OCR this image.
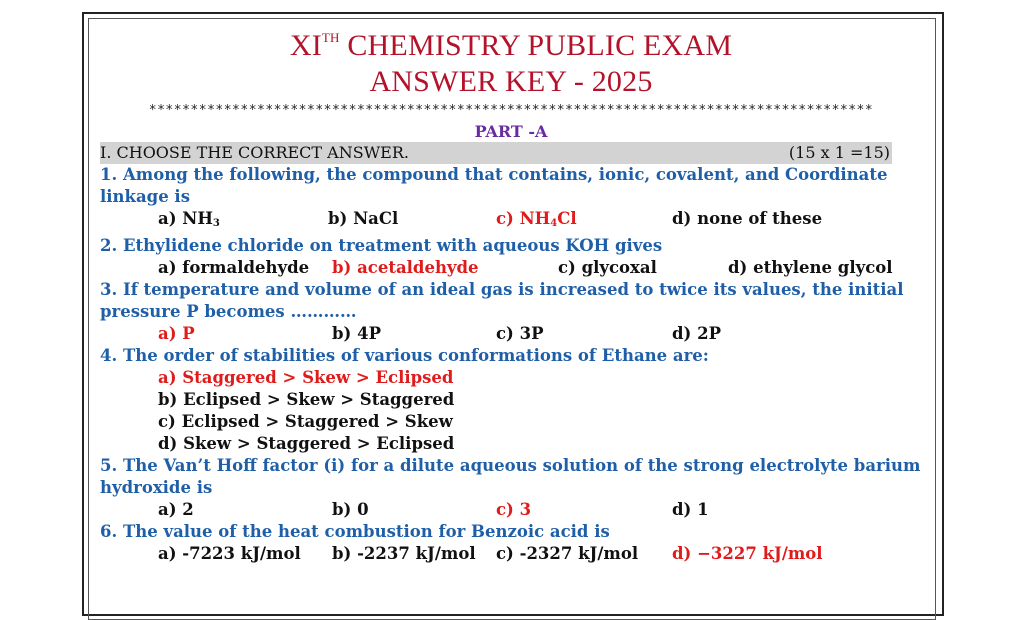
XITH CHEMISTRY PUBLIC EXAM
ANSWER KEY - 2025
***************************************************************************************
PART -A
I. CHOOSE THE CORRECT ANSWER.	(15 x 1 =15)
1. Among the following, the compound that contains, ionic, covalent, and Coordinate linkage is
a) $NH_3$	b) NaCl	c) $NH_4Cl$	d) none of these
2. Ethylidene chloride on treatment with aqueous KOH gives
a) formaldehyde	b) acetaldehyde	c) glycoxal	d) ethylene glycol
3. If temperature and volume of an ideal gas is increased to twice its values, the initial pressure P becomes …………
a) P	b) 4P	c) 3P	d) 2P
4. The order of stabilities of various conformations of Ethane are:
a) Staggered > Skew > Eclipsed
b) Eclipsed > Skew > Staggered
c) Eclipsed > Staggered > Skew
d) Skew > Staggered > Eclipsed
5. The Van’t Hoff factor (i) for a dilute aqueous solution of the strong electrolyte barium hydroxide is
a) 2	b) 0	c) 3	d) 1
6. The value of the heat combustion for Benzoic acid is
a) -7223 kJ/mol	b) -2237 kJ/mol	c) -2327 kJ/mol	d) −3227 kJ/mol
